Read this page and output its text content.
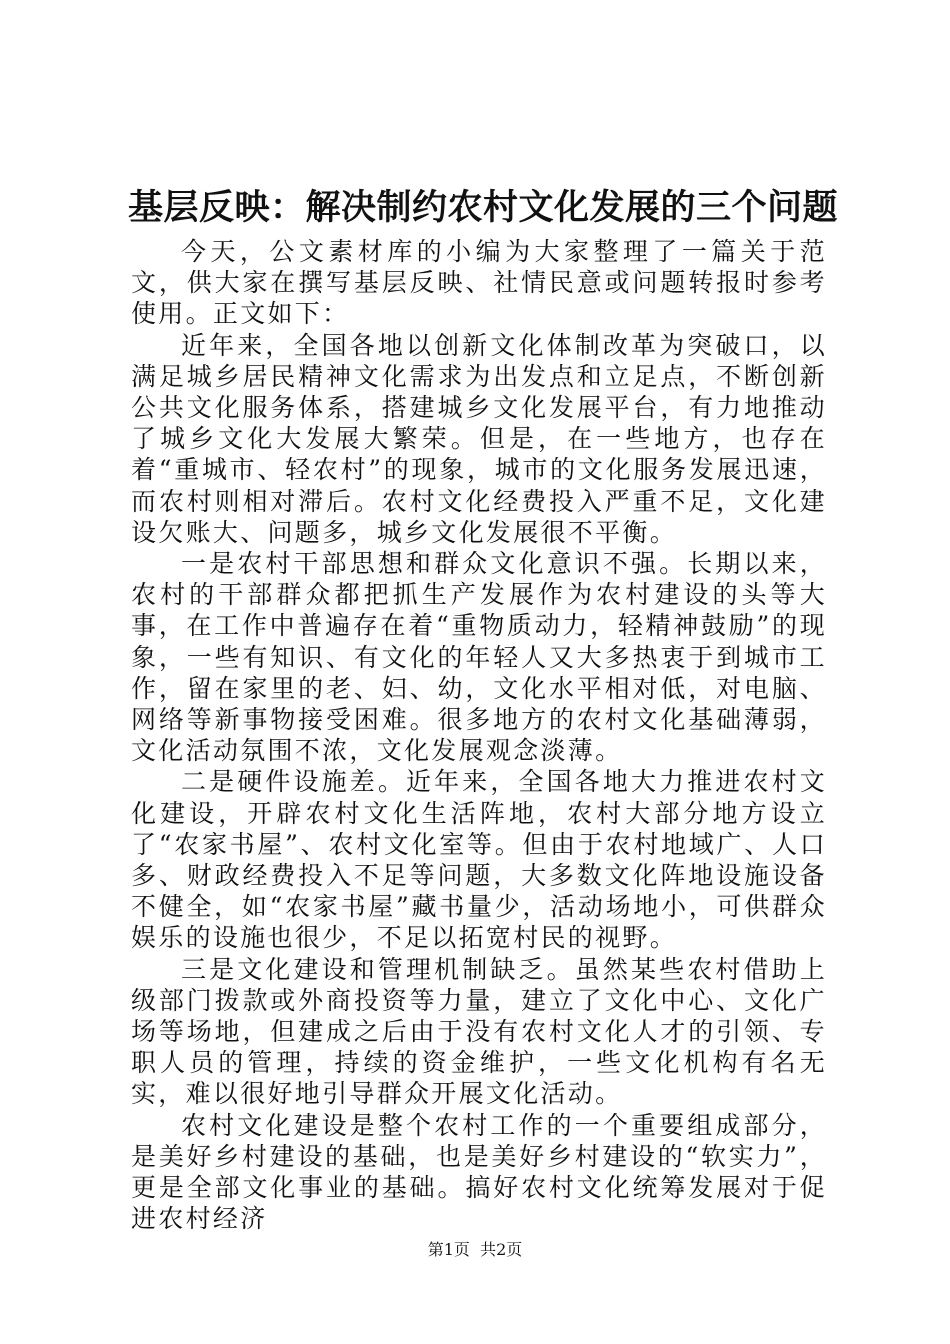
基层反映：解决制约农村文化发展的三个问题

今天，公文素材库的小编为大家整理了一篇关于范文，供大家在撰写基层反映、社情民意或问题转报时参考使用。正文如下：

近年来，全国各地以创新文化体制改革为突破口，以满足城乡居民精神文化需求为出发点和立足点，不断创新公共文化服务体系，搭建城乡文化发展平台，有力地推动了城乡文化大发展大繁荣。但是，在一些地方，也存在着“重城市、轻农村”的现象，城市的文化服务发展迅速，而农村则相对滞后。农村文化经费投入严重不足，文化建设欠账大、问题多，城乡文化发展很不平衡。

一是农村干部思想和群众文化意识不强。长期以来，农村的干部群众都把抓生产发展作为农村建设的头等大事，在工作中普遍存在着“重物质动力，轻精神鼓励”的现象，一些有知识、有文化的年轻人又大多热衷于到城市工作，留在家里的老、妇、幼，文化水平相对低，对电脑、网络等新事物接受困难。很多地方的农村文化基础薄弱，文化活动氛围不浓，文化发展观念淡薄。

二是硬件设施差。近年来，全国各地大力推进农村文化建设，开辟农村文化生活阵地，农村大部分地方设立了“农家书屋”、农村文化室等。但由于农村地域广、人口多、财政经费投入不足等问题，大多数文化阵地设施设备不健全，如“农家书屋”藏书量少，活动场地小，可供群众娱乐的设施也很少，不足以拓宽村民的视野。

三是文化建设和管理机制缺乏。虽然某些农村借助上级部门拨款或外商投资等力量，建立了文化中心、文化广场等场地，但建成之后由于没有农村文化人才的引领、专职人员的管理，持续的资金维护，一些文化机构有名无实，难以很好地引导群众开展文化活动。

农村文化建设是整个农村工作的一个重要组成部分，是美好乡村建设的基础，也是美好乡村建设的“软实力”，更是全部文化事业的基础。搞好农村文化统筹发展对于促进农村经济

第1页  共2页
